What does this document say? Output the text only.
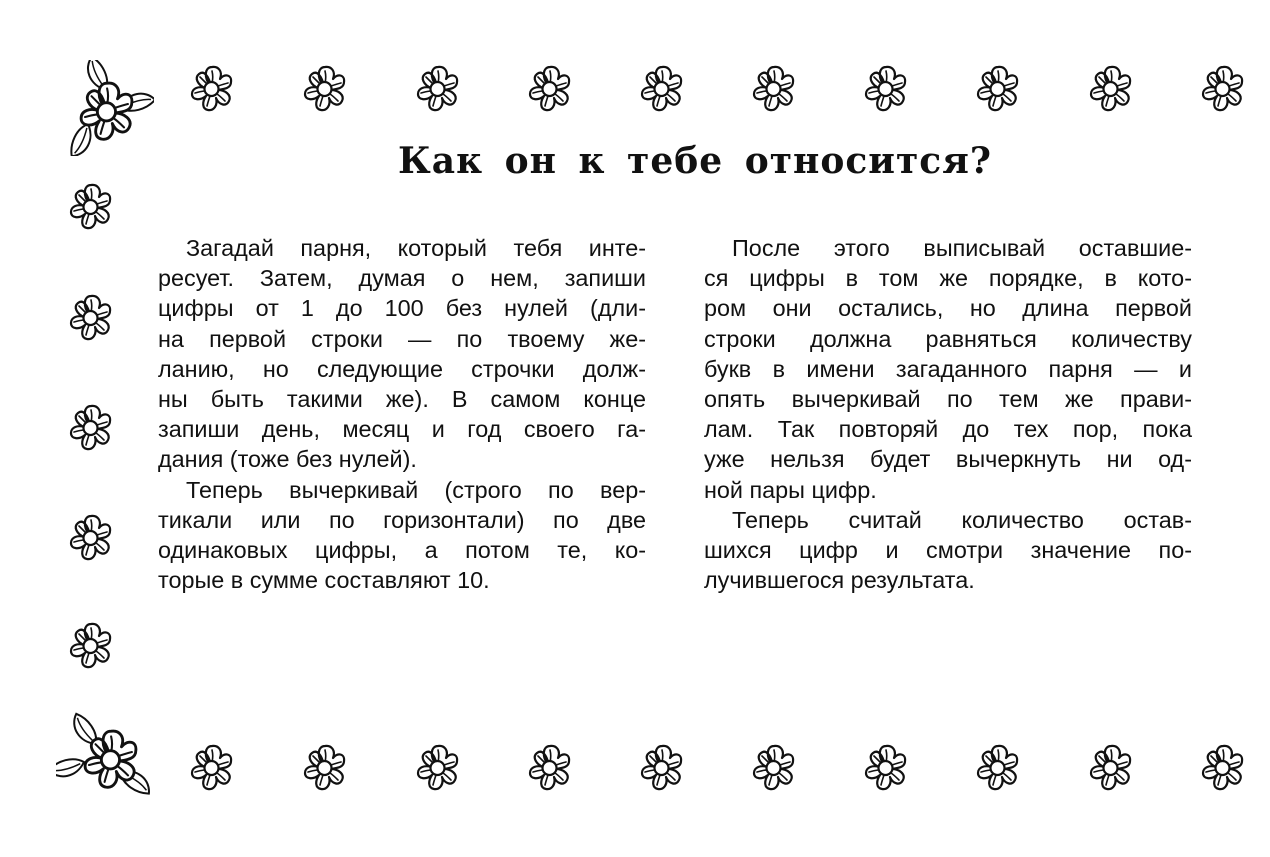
Как он к тебе относится?
Загадай парня, который тебя инте-
ресует. Затем, думая о нем, запиши
цифры от 1 до 100 без нулей (дли-
на первой строки — по твоему же-
ланию, но следующие строчки долж-
ны быть такими же). В самом конце
запиши день, месяц и год своего га-
дания (тоже без нулей).
Теперь вычеркивай (строго по вер-
тикали или по горизонтали) по две
одинаковых цифры, а потом те, ко-
торые в сумме составляют 10.
После этого выписывай оставшие-
ся цифры в том же порядке, в кото-
ром они остались, но длина первой
строки должна равняться количеству
букв в имени загаданного парня — и
опять вычеркивай по тем же прави-
лам. Так повторяй до тех пор, пока
уже нельзя будет вычеркнуть ни од-
ной пары цифр.
Теперь считай количество остав-
шихся цифр и смотри значение по-
лучившегося результата.
